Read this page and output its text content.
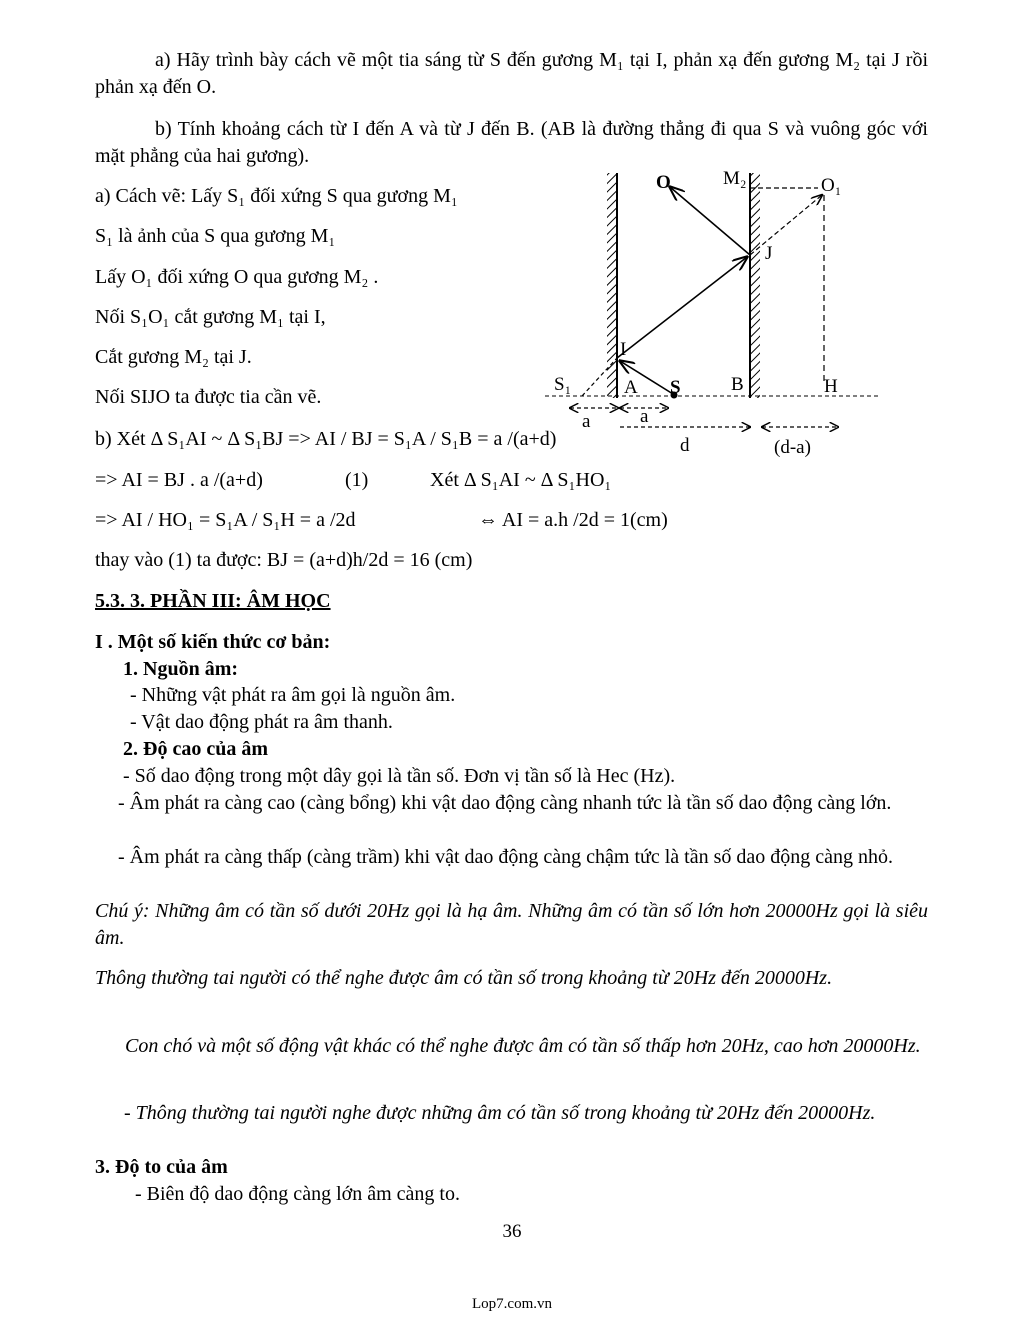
a) Hãy trình bày cách vẽ một tia sáng từ S đến gương M₁ tại I, phản xạ đến gương M₂ tại J rồi phản xạ đến O.

b) Tính khoảng cách từ I đến A và từ J đến B. (AB là đường thẳng đi qua S và vuông góc với mặt phẳng của hai gương).

a) Cách vẽ: Lấy S₁ đối xứng S qua gương M₁

S₁ là ảnh của S qua gương M₁

Lấy O₁ đối xứng O qua gương M₂ .

Nối S₁O₁ cắt gương M₁ tại I,

Cắt gương M₂ tại J.

Nối SIJO ta được tia cần vẽ.

b) Xét Δ S₁AI ~ Δ S₁BJ => AI / BJ = S₁A / S₁B = a /(a+d)

=> AI = BJ . a /(a+d)	(1)	Xét Δ S₁AI ~ Δ S₁HO₁

=> AI / HO₁ = S₁A / S₁H = a /2d	⇔ AI = a.h /2d = 1(cm)

thay vào (1) ta được: BJ = (a+d)h/2d = 16 (cm)

O	M₂	O₁
J
I
S₁	A S	B	H
a	a
d	(d-a)

5.3. 3. PHẦN III: ÂM HỌC

I . Một số kiến thức cơ bản:

1. Nguồn âm:

- Những vật phát ra âm gọi là nguồn âm.

- Vật dao động phát ra âm thanh.

2. Độ cao của âm

- Số dao động trong một dây gọi là tần số. Đơn vị tần số là Hec (Hz).

- Âm phát ra càng cao (càng bổng) khi vật dao động càng nhanh tức là tần số dao động càng lớn.

- Âm phát ra càng thấp (càng trầm) khi vật dao động càng chậm tức là tần số dao động càng nhỏ.

Chú ý: Những âm có tần số dưới 20Hz gọi là hạ âm. Những âm có tần số lớn hơn 20000Hz gọi là siêu âm.

Thông thường tai người có thể nghe được âm có tần số trong khoảng từ 20Hz đến 20000Hz.

Con chó và một số động vật khác có thể nghe được âm có tần số thấp hơn 20Hz, cao hơn 20000Hz.

- Thông thường tai người nghe được những âm có tần số trong khoảng từ 20Hz đến 20000Hz.

3. Độ to của âm

- Biên độ dao động càng lớn âm càng to.

36
Lop7.com.vn
